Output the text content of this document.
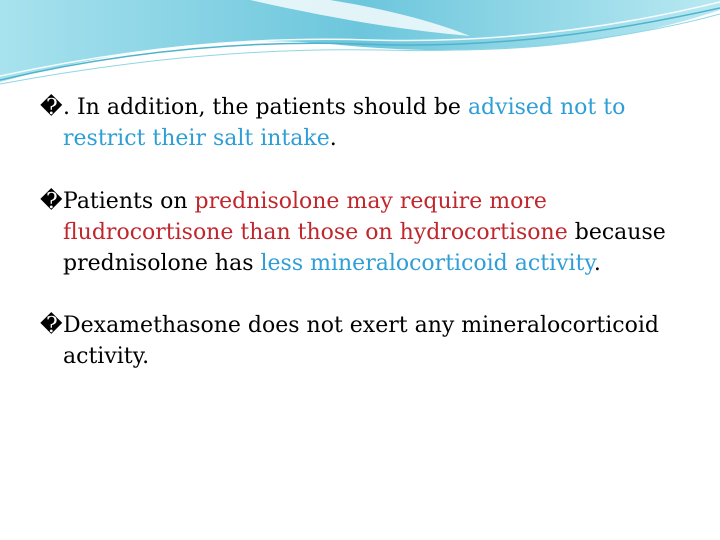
�. In addition, the patients should be advised not to restrict their salt intake.

�Patients on prednisolone may require more fludrocortisone than those on hydrocortisone because prednisolone has less mineralocorticoid activity.

�Dexamethasone does not exert any mineralocorticoid activity.
